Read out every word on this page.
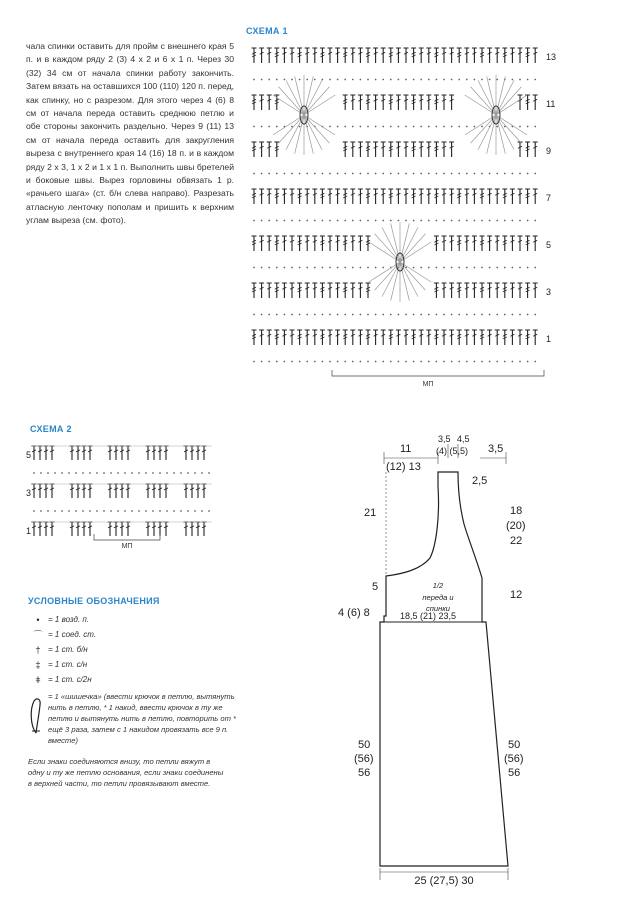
чала спинки оставить для пройм с внешнего края 5 п. и в каждом ряду 2 (3) 4 х 2 и 6 х 1 п. Через 30 (32) 34 см от начала спинки работу закончить. Затем вязать на оставшихся 100 (110) 120 п. перед, как спинку, но с разрезом. Для этого через 4 (6) 8 см от начала переда оставить среднюю петлю и обе стороны закончить раздельно. Через 9 (11) 13 см от начала переда оставить для закругления выреза с внутреннего края 14 (16) 18 п. и в каждом ряду 2 х 3, 1 х 2 и 1 х 1 п. Выполнить швы бретелей и боковые швы. Вырез горловины обвязать 1 р. «рачьего шага» (ст. б/н слева направо). Разрезать атласную ленточку пополам и пришить к верхним углам выреза (см. фото).

СХЕМА 1

13
11
9
7
5
3
1
МП

СХЕМА 2

5
3
1
МП

УСЛОВНЫЕ ОБОЗНАЧЕНИЯ

•	= 1 возд. п.
⌒ = 1 соед. ст.
† = 1 ст. б/н
‡ = 1 ст. с/н
ǂ = 1 ст. с/2н

= 1 «шишечка» (ввести крючок в петлю, вытянуть нить в петлю, * 1 накид, ввести крючок в ту же петлю и вытянуть нить в петлю, повторить от * ещё 3 раза, затем с 1 накидом провязать все 9 п. вместе)

Если знаки соединяются внизу, то петли вяжут в одну и ту же петлю основания, если знаки соединены в верхней части, то петли провязывают вместе.

11
(12) 13
3,5 4,5
(4) (5,5) 3,5
2,5
21	18
(20)
22
5
12
4 (6) 8
1/2
переда и
спинки
18,5 (21) 23,5
50
(56)
56
50
(56)
56
25 (27,5) 30
